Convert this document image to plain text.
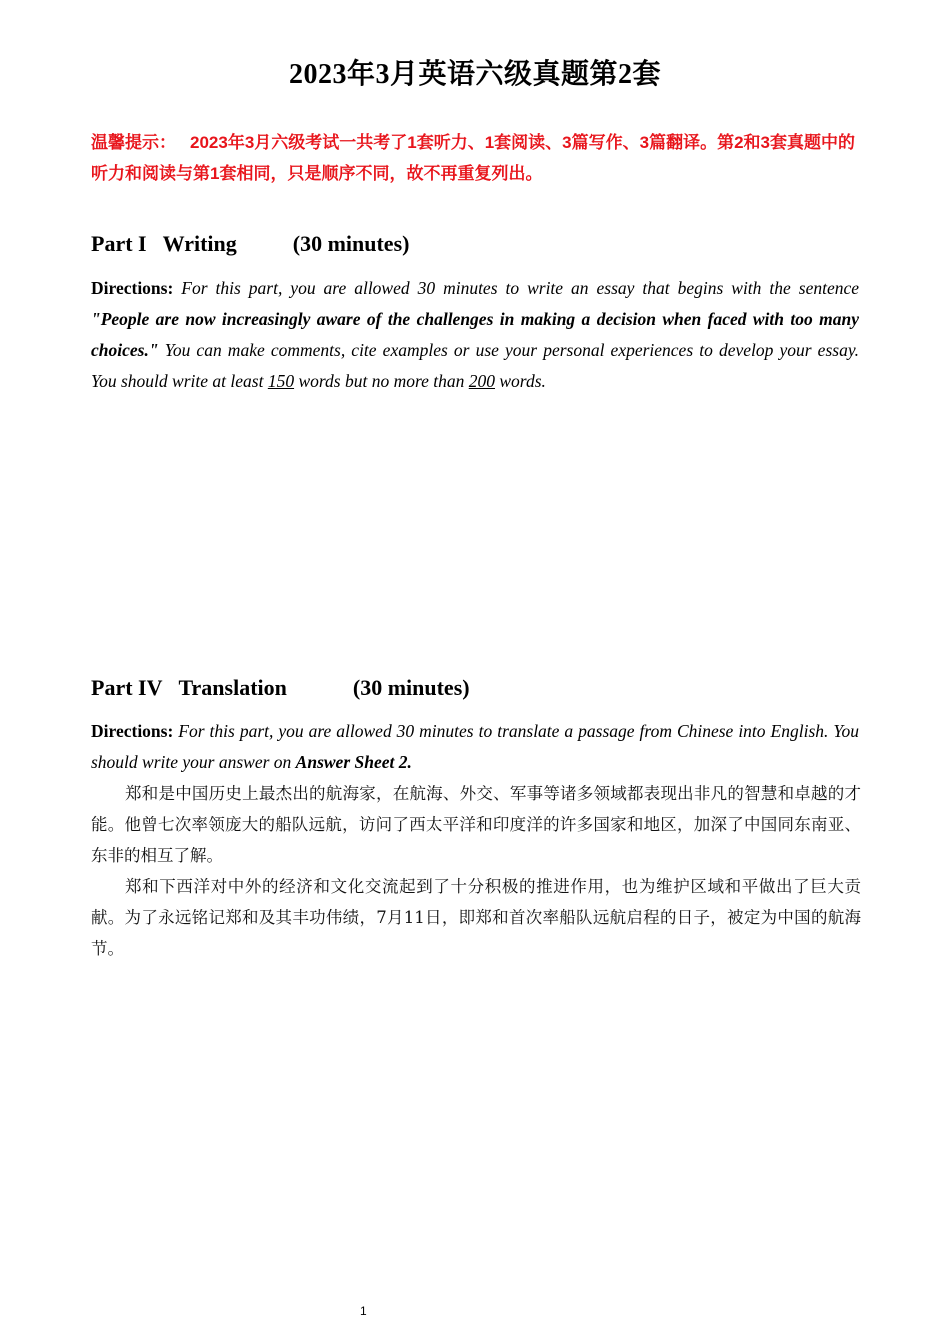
2023年3月英语六级真题第2套
温馨提示： 2023年3月六级考试一共考了1套听力、1套阅读、3篇写作、3篇翻译。第2和3套真题中的听力和阅读与第1套相同，只是顺序不同，故不再重复列出。
Part I Writing	(30 minutes)
Directions: For this part, you are allowed 30 minutes to write an essay that begins with the sentence "People are now increasingly aware of the challenges in making a decision when faced with too many choices." You can make comments, cite examples or use your personal experiences to develop your essay. You should write at least 150 words but no more than 200 words.
Part IV Translation	(30 minutes)
Directions: For this part, you are allowed 30 minutes to translate a passage from Chinese into English. You should write your answer on Answer Sheet 2.

郑和是中国历史上最杰出的航海家，在航海、外交、军事等诸多领域都表现出非凡的智慧和卓越的才能。他曾七次率领庞大的船队远航，访问了西太平洋和印度洋的许多国家和地区，加深了中国同东南亚、东非的相互了解。

郑和下西洋对中外的经济和文化交流起到了十分积极的推进作用，也为维护区域和平做出了巨大贡献。为了永远铭记郑和及其丰功伟绩，7月11日，即郑和首次率船队远航启程的日子，被定为中国的航海节。

1
